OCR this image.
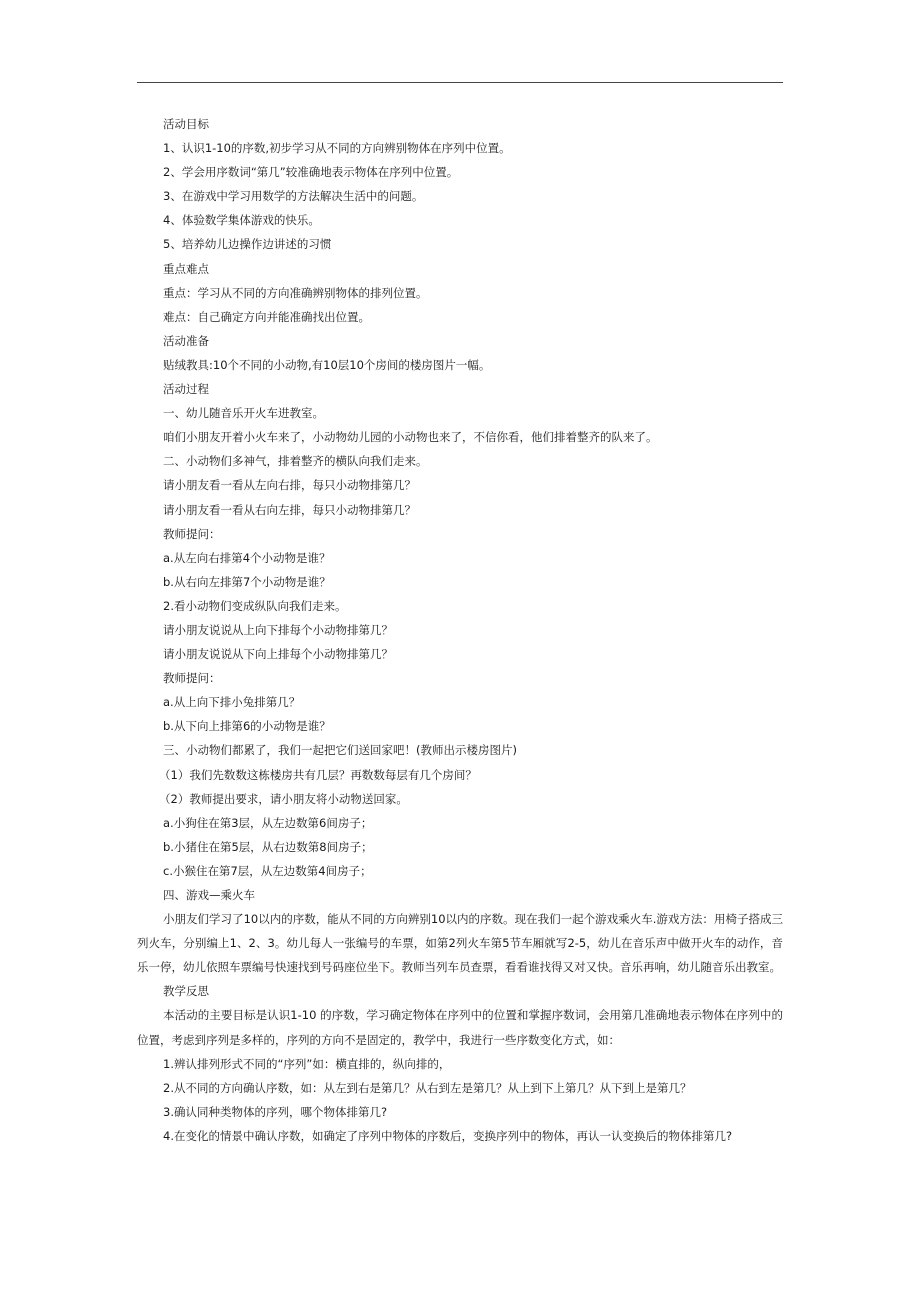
活动目标
1、认识1-10的序数,初步学习从不同的方向辨别物体在序列中位置。
2、学会用序数词“第几”较准确地表示物体在序列中位置。
3、在游戏中学习用数学的方法解决生活中的问题。
4、体验数学集体游戏的快乐。
5、培养幼儿边操作边讲述的习惯
重点难点
重点：学习从不同的方向准确辨别物体的排列位置。
难点：自己确定方向并能准确找出位置。
活动准备
贴绒教具:10个不同的小动物,有10层10个房间的楼房图片一幅。
活动过程
一、幼儿随音乐开火车进教室。
咱们小朋友开着小火车来了，小动物幼儿园的小动物也来了，不信你看，他们排着整齐的队来了。
二、小动物们多神气，排着整齐的横队向我们走来。
请小朋友看一看从左向右排，每只小动物排第几？
请小朋友看一看从右向左排，每只小动物排第几？
教师提问：
a.从左向右排第4个小动物是谁？
b.从右向左排第7个小动物是谁？
2.看小动物们变成纵队向我们走来。
请小朋友说说从上向下排每个小动物排第几？
请小朋友说说从下向上排每个小动物排第几？
教师提问：
a.从上向下排小兔排第几？
b.从下向上排第6的小动物是谁？
三、小动物们都累了，我们一起把它们送回家吧！(教师出示楼房图片)
（1）我们先数数这栋楼房共有几层？再数数每层有几个房间？
（2）教师提出要求，请小朋友将小动物送回家。
a.小狗住在第3层，从左边数第6间房子；
b.小猪住在第5层，从右边数第8间房子；
c.小猴住在第7层，从左边数第4间房子；
四、游戏—乘火车
小朋友们学习了10以内的序数，能从不同的方向辨别10以内的序数。现在我们一起个游戏乘火车.游戏方法：用椅子搭成三列火车，分别编上1、2、3。幼儿每人一张编号的车票，如第2列火车第5节车厢就写2-5，幼儿在音乐声中做开火车的动作，音乐一停，幼儿依照车票编号快速找到号码座位坐下。教师当列车员查票，看看谁找得又对又快。音乐再响，幼儿随音乐出教室。
教学反思
本活动的主要目标是认识1-10 的序数，学习确定物体在序列中的位置和掌握序数词，会用第几准确地表示物体在序列中的位置，考虑到序列是多样的，序列的方向不是固定的，教学中，我进行一些序数变化方式，如：
1.辨认排列形式不同的“序列”如：横直排的，纵向排的，
2.从不同的方向确认序数，如：从左到右是第几？从右到左是第几？从上到下上第几？从下到上是第几？
3.确认同种类物体的序列，哪个物体排第几?
4.在变化的情景中确认序数，如确定了序列中物体的序数后，变换序列中的物体，再认一认变换后的物体排第几?
